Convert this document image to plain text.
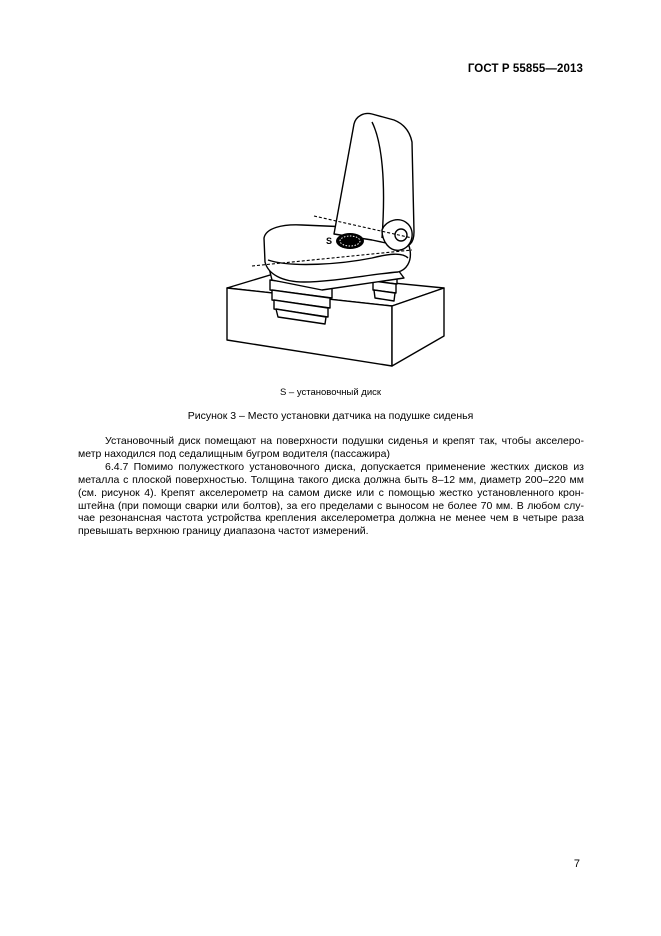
ГОСТ Р 55855—2013
S
S – установочный диск
Рисунок 3 – Место установки датчика на подушке сиденья
Установочный диск помещают на поверхности подушки сиденья и крепят так, чтобы акселеро-
метр находился под седалищным бугром водителя (пассажира)
6.4.7 Помимо полужесткого установочного диска, допускается применение жестких дисков из
металла с плоской поверхностью. Толщина такого диска должна быть 8–12 мм, диаметр 200–220 мм
(см. рисунок 4). Крепят акселерометр на самом диске или с помощью жестко установленного крон-
штейна (при помощи сварки или болтов), за его пределами с выносом не более 70 мм. В любом слу-
чае резонансная частота устройства крепления акселерометра должна не менее чем в четыре раза
превышать верхнюю границу диапазона частот измерений.
7
